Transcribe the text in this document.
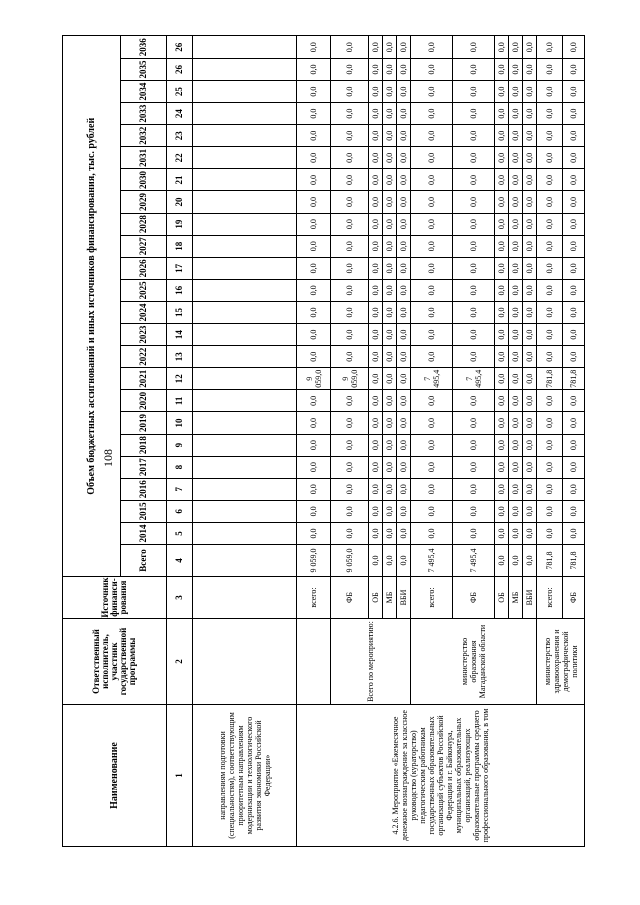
108
Наименование	Ответственный исполнитель, участник государственной программы	Источник финанси-рования	Объем бюджетных ассигнований и иных источников финансирования, тыс. рублей																							
			Всего	2014	2015	2016	2017	2018	2019	2020	2021	2022	2023	2024	2025	2026	2027	2028	2029	2030	2031	2032	2033	2034	2035	2036
1	2	3	4	5	6	7	8	9	10	11	12	13	14	15	16	17	18	19	20	21	22	23	24	25	26	26
направлениям подготовки (специальностям), соответствующим приоритетным направлениям модернизации и технологического развития экономики Российской Федерации»																										
4.2.6. Мероприятие «Ежемесячное денежное вознаграждение за классное руководство (кураторство) педагогическим работникам государственных образовательных организаций субъектов Российской Федерации и г. Байконура, муниципальных образовательных организаций, реализующих образовательные программы среднего профессионального образования, в том		всего:	9 059,0	0,0	0,0	0,0	0,0	0,0	0,0	0,0	9 059,0	0,0	0,0	0,0	0,0	0,0	0,0	0,0	0,0	0,0	0,0	0,0	0,0	0,0	0,0	0,0
	Всего по мероприятию:	ФБ	9 059,0	0,0	0,0	0,0	0,0	0,0	0,0	0,0	9 059,0	0,0	0,0	0,0	0,0	0,0	0,0	0,0	0,0	0,0	0,0	0,0	0,0	0,0	0,0	0,0
		ОБ	0,0	0,0	0,0	0,0	0,0	0,0	0,0	0,0	0,0	0,0	0,0	0,0	0,0	0,0	0,0	0,0	0,0	0,0	0,0	0,0	0,0	0,0	0,0	0,0
		МБ	0,0	0,0	0,0	0,0	0,0	0,0	0,0	0,0	0,0	0,0	0,0	0,0	0,0	0,0	0,0	0,0	0,0	0,0	0,0	0,0	0,0	0,0	0,0	0,0
		ВБИ	0,0	0,0	0,0	0,0	0,0	0,0	0,0	0,0	0,0	0,0	0,0	0,0	0,0	0,0	0,0	0,0	0,0	0,0	0,0	0,0	0,0	0,0	0,0	0,0
	министерство образования Магаданской области	всего:	7 495,4	0,0	0,0	0,0	0,0	0,0	0,0	0,0	7 495,4	0,0	0,0	0,0	0,0	0,0	0,0	0,0	0,0	0,0	0,0	0,0	0,0	0,0	0,0	0,0
		ФБ	7 495,4	0,0	0,0	0,0	0,0	0,0	0,0	0,0	7 495,4	0,0	0,0	0,0	0,0	0,0	0,0	0,0	0,0	0,0	0,0	0,0	0,0	0,0	0,0	0,0
		ОБ	0,0	0,0	0,0	0,0	0,0	0,0	0,0	0,0	0,0	0,0	0,0	0,0	0,0	0,0	0,0	0,0	0,0	0,0	0,0	0,0	0,0	0,0	0,0	0,0
		МБ	0,0	0,0	0,0	0,0	0,0	0,0	0,0	0,0	0,0	0,0	0,0	0,0	0,0	0,0	0,0	0,0	0,0	0,0	0,0	0,0	0,0	0,0	0,0	0,0
		ВБИ	0,0	0,0	0,0	0,0	0,0	0,0	0,0	0,0	0,0	0,0	0,0	0,0	0,0	0,0	0,0	0,0	0,0	0,0	0,0	0,0	0,0	0,0	0,0	0,0
	министерство здравоохранения и демографической политики	всего:	781,8	0,0	0,0	0,0	0,0	0,0	0,0	0,0	781,8	0,0	0,0	0,0	0,0	0,0	0,0	0,0	0,0	0,0	0,0	0,0	0,0	0,0	0,0	0,0
		ФБ	781,8	0,0	0,0	0,0	0,0	0,0	0,0	0,0	781,8	0,0	0,0	0,0	0,0	0,0	0,0	0,0	0,0	0,0	0,0	0,0	0,0	0,0	0,0	0,0
